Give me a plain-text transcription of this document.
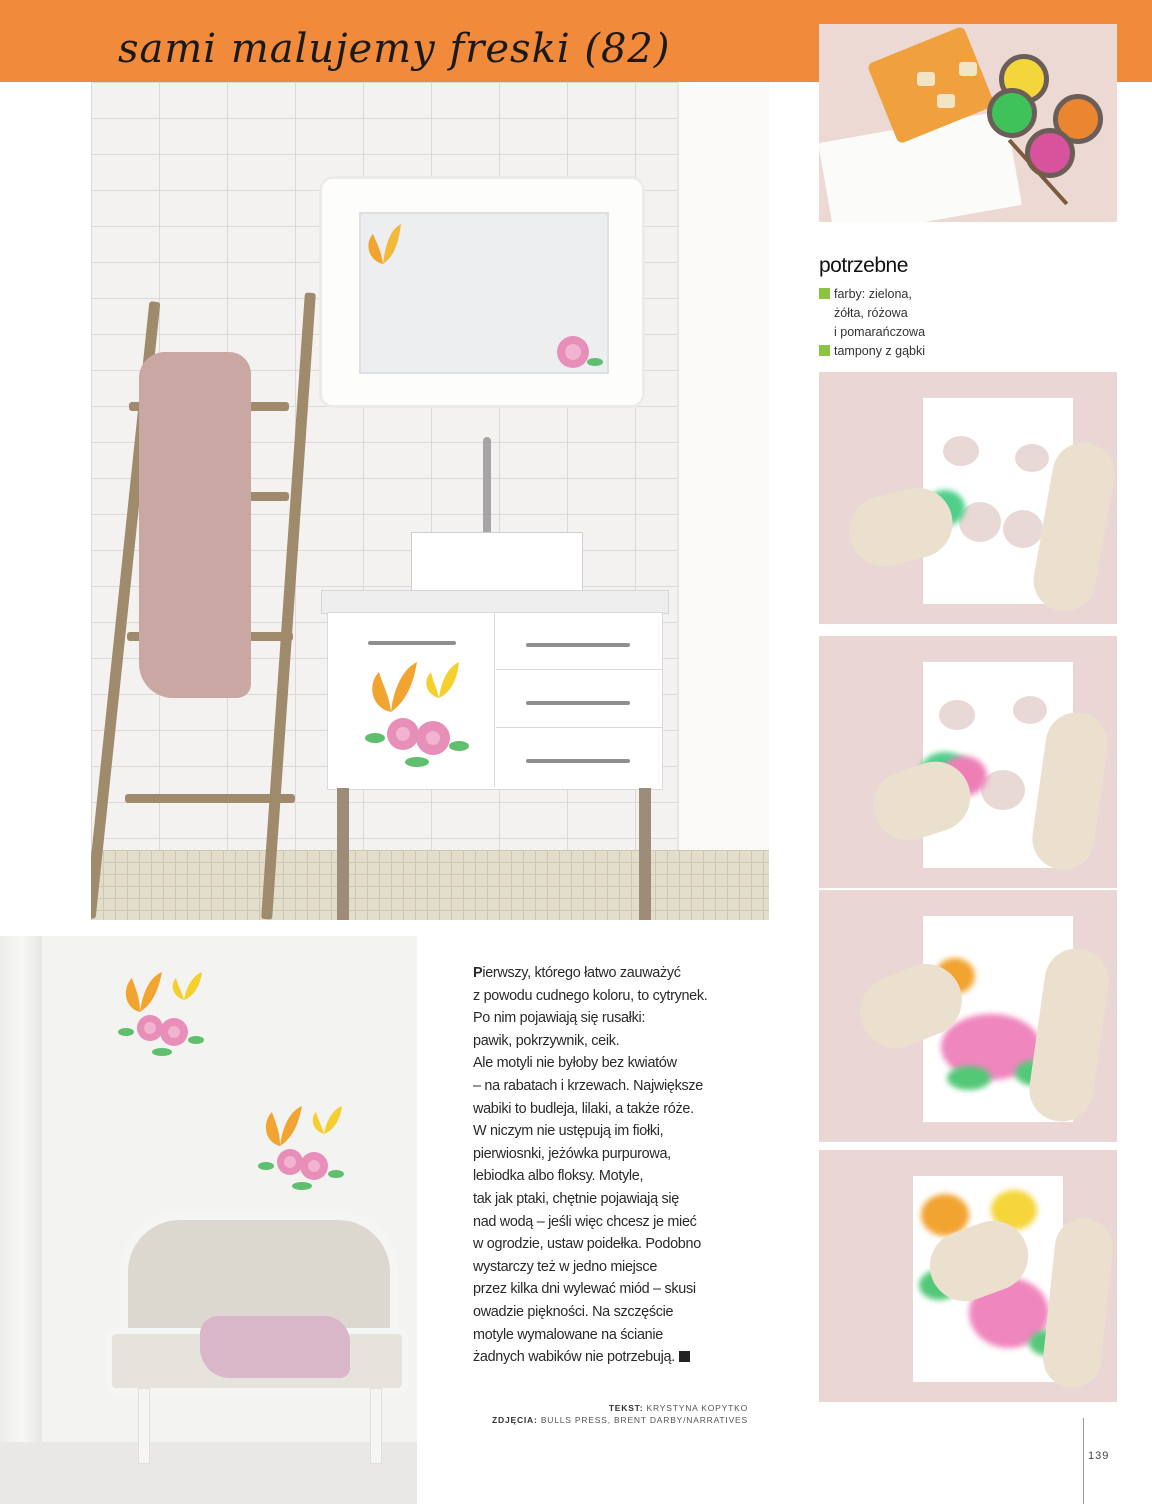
sami malujemy freski (82)
potrzebne
farby: zielona,
żółta, różowa
i pomarańczowa
tampony z gąbki

Pierwszy, którego łatwo zauważyć
z powodu cudnego koloru, to cytrynek.
Po nim pojawiają się rusałki:
pawik, pokrzywnik, ceik.
Ale motyli nie byłoby bez kwiatów
– na rabatach i krzewach. Największe
wabiki to budleja, lilaki, a także róże.
W niczym nie ustępują im fiołki,
pierwiosnki, jeżówka purpurowa,
lebiodka albo floksy. Motyle,
tak jak ptaki, chętnie pojawiają się
nad wodą – jeśli więc chcesz je mieć
w ogrodzie, ustaw poidełka. Podobno
wystarczy też w jedno miejsce
przez kilka dni wylewać miód – skusi
owadzie piękności. Na szczęście
motyle wymalowane na ścianie
żadnych wabików nie potrzebują.

TEKST: KRYSTYNA KOPYTKO
ZDJĘCIA: BULLS PRESS, BRENT DARBY/NARRATIVES
139
